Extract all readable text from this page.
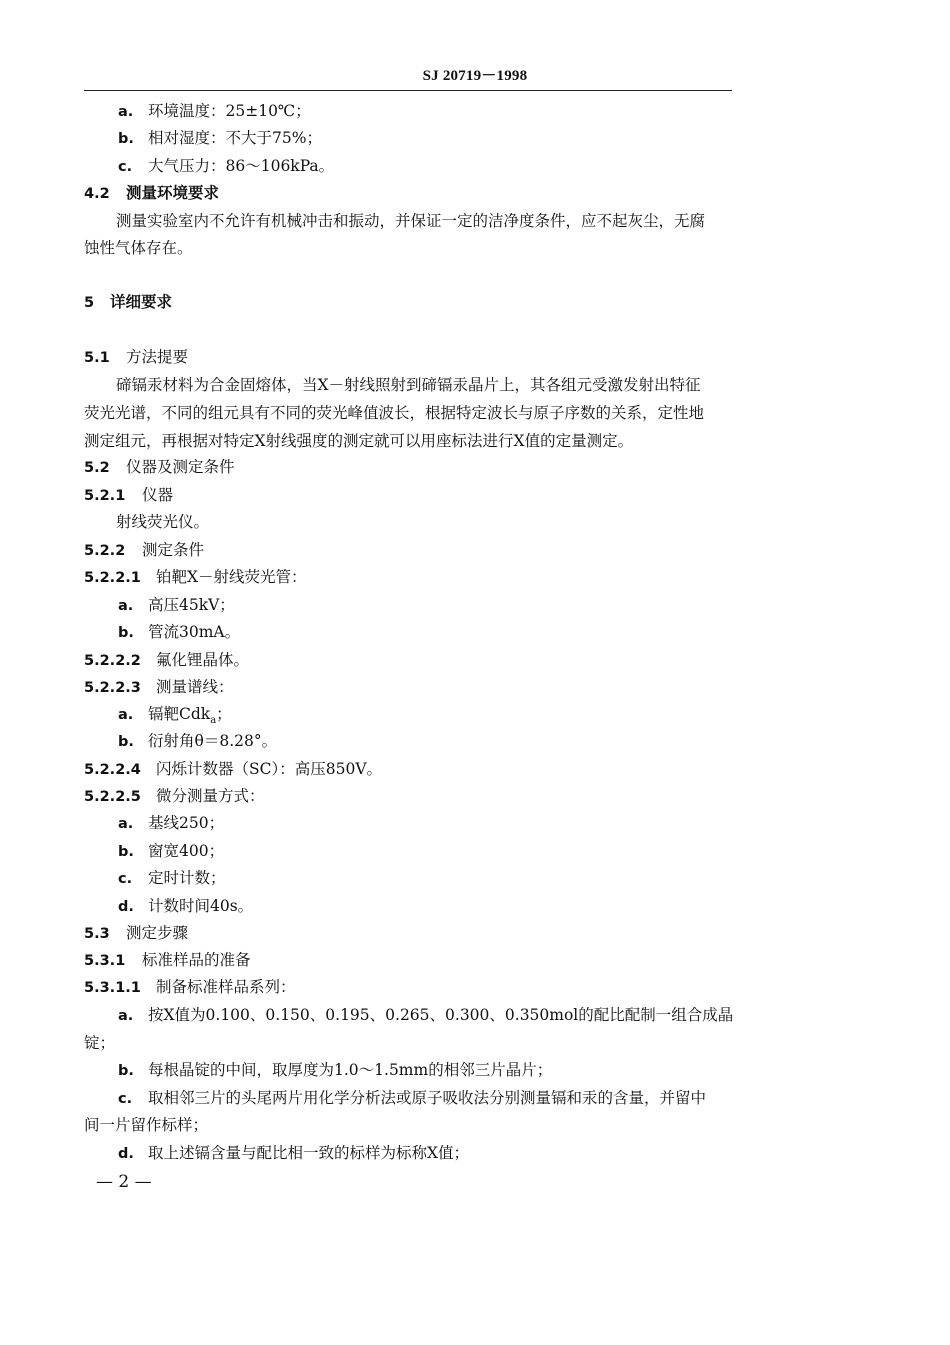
SJ 20719－1998
a. 环境温度：25±10℃；
b. 相对湿度：不大于75%；
c. 大气压力：86～106kPa。
4.2 测量环境要求
测量实验室内不允许有机械冲击和振动，并保证一定的洁净度条件，应不起灰尘，无腐
蚀性气体存在。
5 详细要求
5.1 方法提要
碲镉汞材料为合金固熔体，当X－射线照射到碲镉汞晶片上，其各组元受激发射出特征
荧光光谱，不同的组元具有不同的荧光峰值波长，根据特定波长与原子序数的关系，定性地
测定组元，再根据对特定X射线强度的测定就可以用座标法进行X值的定量测定。
5.2 仪器及测定条件
5.2.1 仪器
射线荧光仪。
5.2.2 测定条件
5.2.2.1 铂靶X－射线荧光管：
a. 高压45kV；
b. 管流30mA。
5.2.2.2 氟化锂晶体。
5.2.2.3 测量谱线：
a. 镉靶Cdk$_a$；
b. 衍射角θ＝8.28°。
5.2.2.4 闪烁计数器（SC）：高压850V。
5.2.2.5 微分测量方式：
a. 基线250；
b. 窗宽400；
c. 定时计数；
d. 计数时间40s。
5.3 测定步骤
5.3.1 标准样品的准备
5.3.1.1 制备标准样品系列：
a. 按X值为0.100、0.150、0.195、0.265、0.300、0.350mol的配比配制一组合成晶
锭；
b. 每根晶锭的中间，取厚度为1.0～1.5mm的相邻三片晶片；
c. 取相邻三片的头尾两片用化学分析法或原子吸收法分别测量镉和汞的含量，并留中
间一片留作标样；
d. 取上述镉含量与配比相一致的标样为标称X值；
— 2 —
